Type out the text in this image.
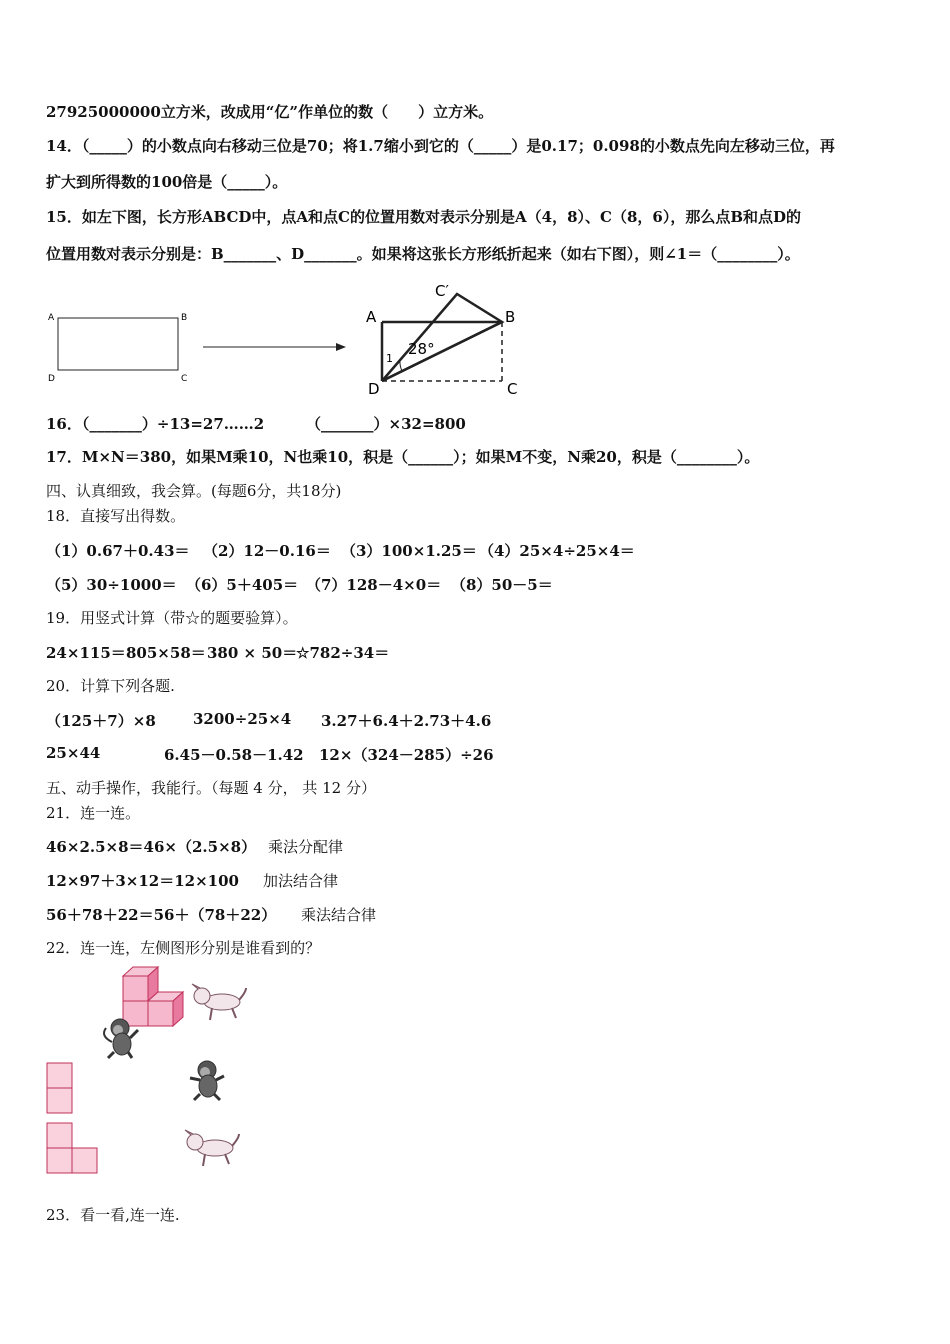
27925000000立方米，改成用“亿”作单位的数（　　）立方米。
14．（_____）的小数点向右移动三位是70；将1.7缩小到它的（_____）是0.17；0.098的小数点先向左移动三位，再
扩大到所得数的100倍是（_____）。
15．如左下图，长方形ABCD中，点A和点C的位置用数对表示分别是A（4，8）、C（8，6），那么点B和点D的
位置用数对表示分别是：B_______、D_______。如果将这张长方形纸折起来（如右下图），则∠1＝（________）。
A	B
D	C
A	B
D	C
C′
28°
1
16．（_______）÷13=27……2	（_______）×32=800
17．M×N＝380，如果M乘10，N也乘10，积是（______）；如果M不变，N乘20，积是（________）。
四、认真细致，我会算。(每题6分，共18分)
18．直接写出得数。
（1）0.67＋0.43＝ （2）12－0.16＝ （3）100×1.25＝ （4）25×4÷25×4＝
（5）30÷1000＝ （6）5＋405＝ （7）128－4×0＝ （8）50－5＝
19．用竖式计算（带☆的题要验算）。
24×115＝ 805×58＝ 380 × 50＝
☆782÷34＝
20．计算下列各题.
（125＋7）×8 3200÷25×4 3.27＋6.4＋2.73＋4.6
25×44	6.45－0.58－1.42 12×（324－285）÷26
五、动手操作，我能行。（每题 4 分， 共 12 分）
21．连一连。
46×2.5×8＝46×（2.5×8） 乘法分配律
12×97＋3×12＝12×100 加法结合律
56＋78＋22＝56＋（78＋22） 乘法结合律
22．连一连，左侧图形分别是谁看到的？
23．看一看,连一连.
